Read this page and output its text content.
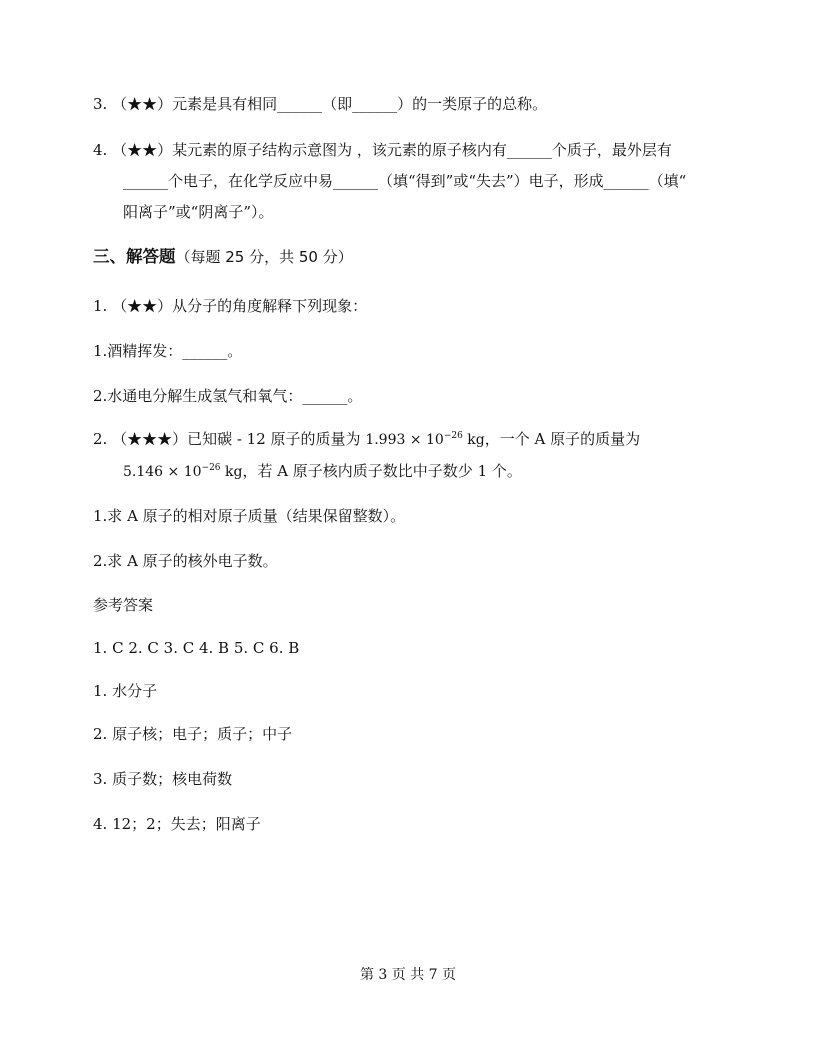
3. （★★）元素是具有相同______（即______）的一类原子的总称。
4. （★★）某元素的原子结构示意图为 ，该元素的原子核内有______个质子，最外层有
______个电子，在化学反应中易______（填“得到”或“失去”）电子，形成______（填“
阳离子”或“阴离子”）。
三、解答题（每题 25 分，共 50 分）
1. （★★）从分子的角度解释下列现象：
1.酒精挥发：______。
2.水通电分解生成氢气和氧气：______。
2. （★★★）已知碳 - 12 原子的质量为 $1.993 \times 10^{-26}$ kg，一个 A 原子的质量为
$5.146 \times 10^{-26}$ kg，若 A 原子核内质子数比中子数少 1 个。
1.求 A 原子的相对原子质量（结果保留整数）。
2.求 A 原子的核外电子数。
参考答案
1. C 2. C 3. C 4. B 5. C 6. B
1. 水分子
2. 原子核；电子；质子；中子
3. 质子数；核电荷数
4. 12；2；失去；阳离子
第 3 页 共 7 页
